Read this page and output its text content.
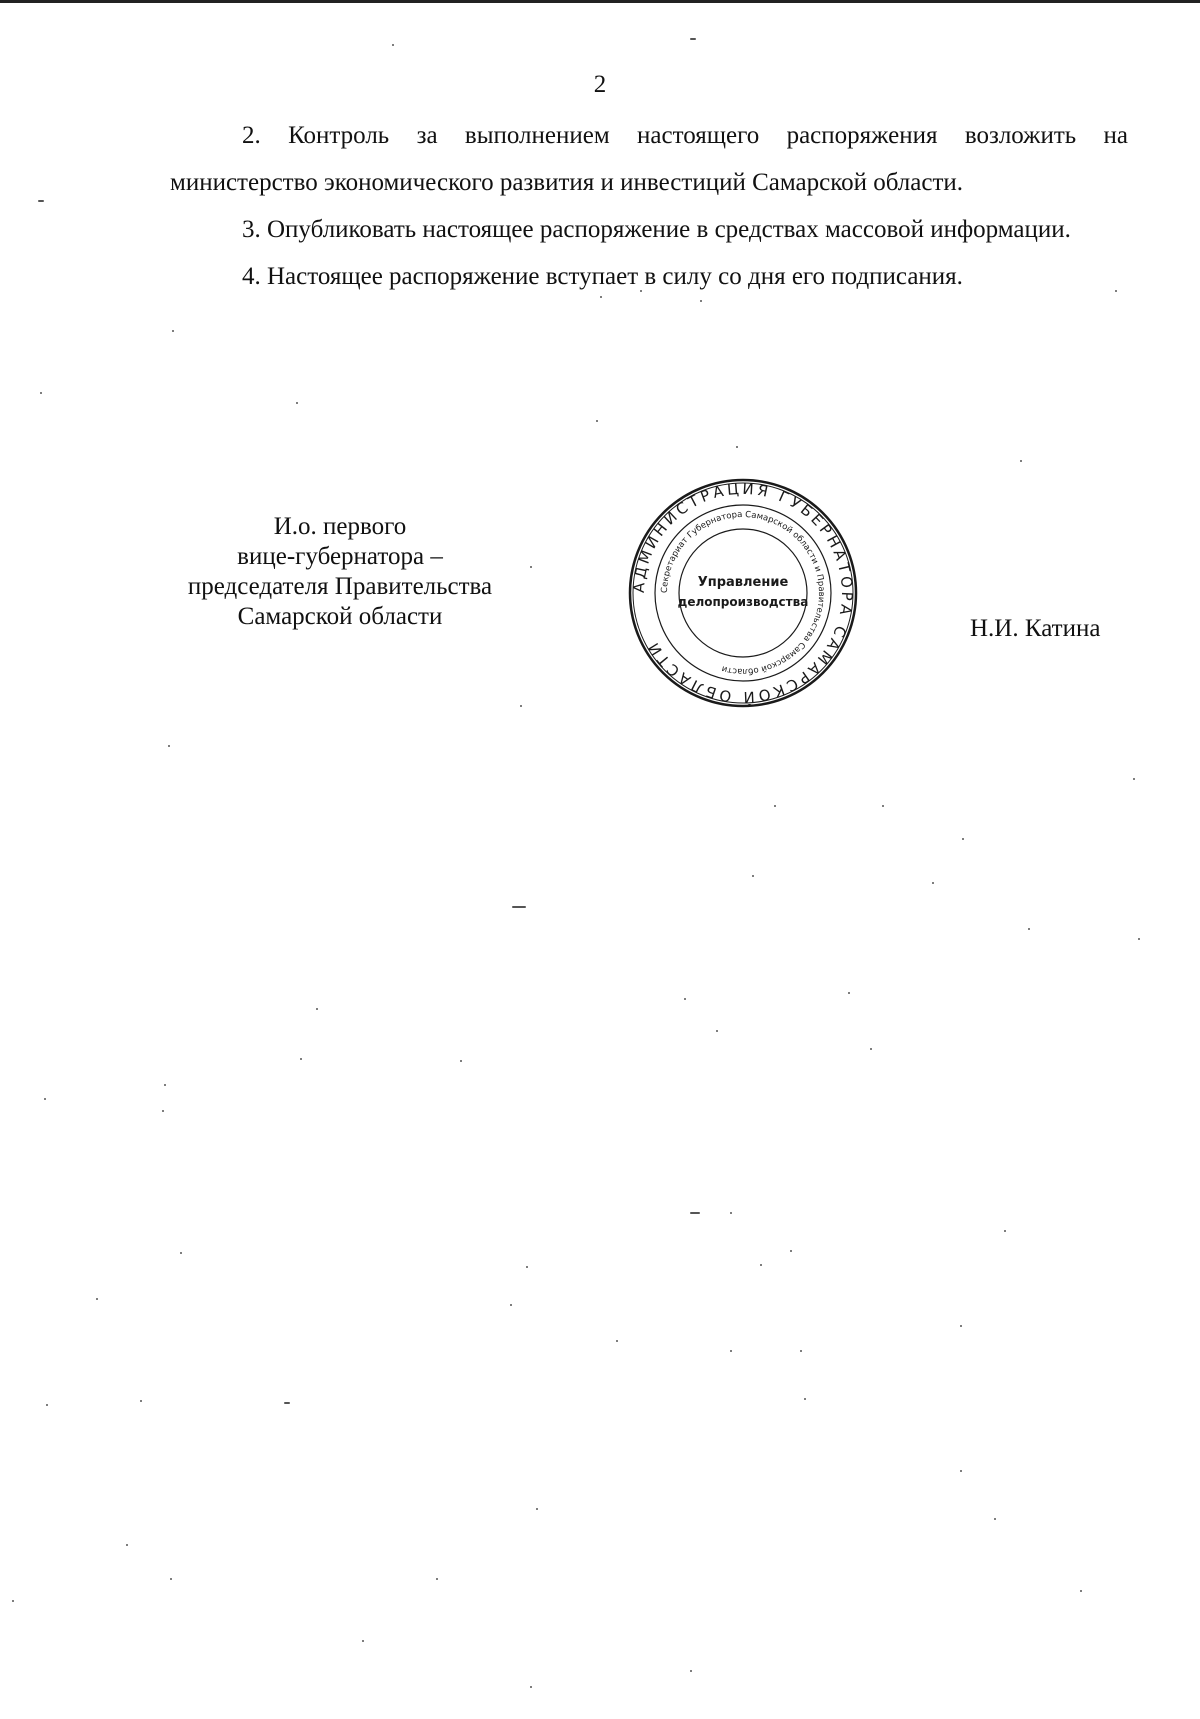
2

2. Контроль за выполнением настоящего распоряжения возложить на министерство экономического развития и инвестиций Самарской области.

3. Опубликовать настоящее распоряжение в средствах массовой информации.

4. Настоящее распоряжение вступает в силу со дня его подписания.

И.о. первого
вице-губернатора –
председателя Правительства
Самарской области
АДМИНИСТРАЦИЯ ГУБЕРНАТОРА САМАРСКОЙ ОБЛАСТИ
Секретариат Губернатора Самарской области и Правительства Самарской области
Управление
делопроизводства
Н.И. Катина
